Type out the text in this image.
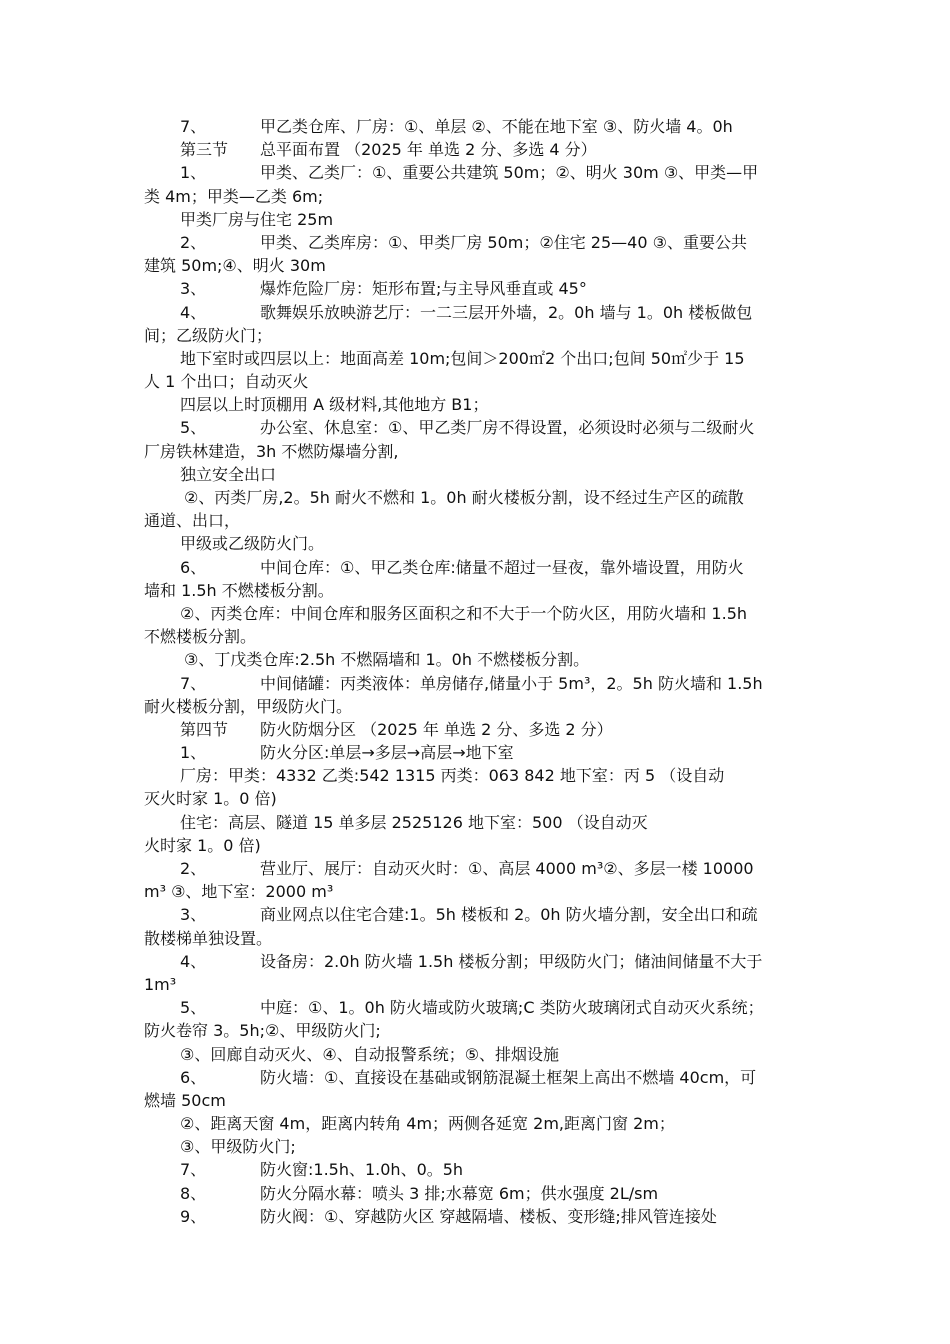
7、	甲乙类仓库、厂房：①、单层 ②、不能在地下室 ③、防火墙 4。0h
第三节 总平面布置 （2025 年 单选 2 分、多选 4 分）
1、	甲类、乙类厂：①、重要公共建筑 50m；②、明火 30m ③、甲类—甲
类 4m；甲类—乙类 6m;
甲类厂房与住宅 25m
2、	甲类、乙类库房：①、甲类厂房 50m；②住宅 25—40 ③、重要公共
建筑 50m;④、明火 30m
3、	爆炸危险厂房：矩形布置;与主导风垂直或 45°
4、	歌舞娱乐放映游艺厅：一二三层开外墙，2。0h 墙与 1。0h 楼板做包
间；乙级防火门；
地下室时或四层以上：地面高差 10m;包间＞200㎡2 个出口;包间 50㎡少于 15
人 1 个出口；自动灭火
四层以上时顶棚用 A 级材料,其他地方 B1；
5、	办公室、休息室：①、甲乙类厂房不得设置，必须设时必须与二级耐火
厂房铁林建造，3h 不燃防爆墙分割,
独立安全出口
②、丙类厂房,2。5h 耐火不燃和 1。0h 耐火楼板分割，设不经过生产区的疏散
通道、出口，
甲级或乙级防火门。
6、	中间仓库：①、甲乙类仓库:储量不超过一昼夜，靠外墙设置，用防火
墙和 1.5h 不燃楼板分割。
②、丙类仓库：中间仓库和服务区面积之和不大于一个防火区，用防火墙和 1.5h
不燃楼板分割。
③、丁戊类仓库:2.5h 不燃隔墙和 1。0h 不燃楼板分割。
7、	中间储罐：丙类液体：单房储存,储量小于 5m³，2。5h 防火墙和 1.5h
耐火楼板分割，甲级防火门。
第四节 防火防烟分区 （2025 年 单选 2 分、多选 2 分）
1、	防火分区:单层→多层→高层→地下室
厂房：甲类：4332 乙类:542 1315 丙类：063 842 地下室：丙 5 （设自动
灭火时家 1。0 倍)
住宅：高层、隧道 15 单多层 2525126 地下室：500 （设自动灭
火时家 1。0 倍)
2、	营业厅、展厅：自动灭火时：①、高层 4000 m³②、多层一楼 10000
m³ ③、地下室：2000 m³
3、	商业网点以住宅合建:1。5h 楼板和 2。0h 防火墙分割，安全出口和疏
散楼梯单独设置。
4、	设备房：2.0h 防火墙 1.5h 楼板分割；甲级防火门；储油间储量不大于
1m³
5、	中庭：①、1。0h 防火墙或防火玻璃;C 类防火玻璃闭式自动灭火系统；
防火卷帘 3。5h;②、甲级防火门;
③、回廊自动灭火、④、自动报警系统；⑤、排烟设施
6、	防火墙：①、直接设在基础或钢筋混凝土框架上高出不燃墙 40cm，可
燃墙 50cm
②、距离天窗 4m，距离内转角 4m；两侧各延宽 2m,距离门窗 2m；
③、甲级防火门;
7、	防火窗:1.5h、1.0h、0。5h
8、	防火分隔水幕：喷头 3 排;水幕宽 6m；供水强度 2L/sm
9、	防火阀：①、穿越防火区 穿越隔墙、楼板、变形缝;排风管连接处
